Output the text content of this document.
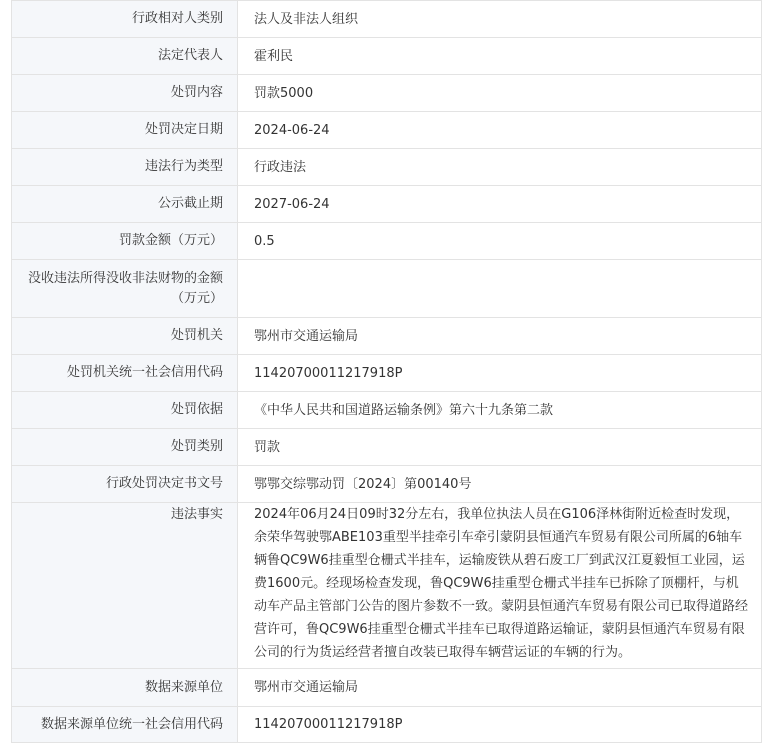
行政相对人类别	法人及非法人组织
法定代表人	霍利民
处罚内容	罚款5000
处罚决定日期	2024-06-24
违法行为类型	行政违法
公示截止期	2027-06-24
罚款金额（万元）	0.5
没收违法所得没收非法财物的金额（万元）	
处罚机关	鄂州市交通运输局
处罚机关统一社会信用代码	11420700011217918P
处罚依据	《中华人民共和国道路运输条例》第六十九条第二款
处罚类别	罚款
行政处罚决定书文号	鄂鄂交综鄂动罚〔2024〕第00140号
违法事实	2024年06月24日09时32分左右，我单位执法人员在G106泽林街附近检查时发现，余荣华驾驶鄂ABE103重型半挂牵引车牵引蒙阴县恒通汽车贸易有限公司所属的6轴车辆鲁QC9W6挂重型仓栅式半挂车，运输废铁从碧石废工厂到武汉江夏毅恒工业园，运费1600元。经现场检查发现，鲁QC9W6挂重型仓栅式半挂车已拆除了顶棚杆，与机动车产品主管部门公告的图片参数不一致。蒙阴县恒通汽车贸易有限公司已取得道路经营许可，鲁QC9W6挂重型仓栅式半挂车已取得道路运输证，蒙阴县恒通汽车贸易有限公司的行为货运经营者擅自改装已取得车辆营运证的车辆的行为。
数据来源单位	鄂州市交通运输局
数据来源单位统一社会信用代码	11420700011217918P
